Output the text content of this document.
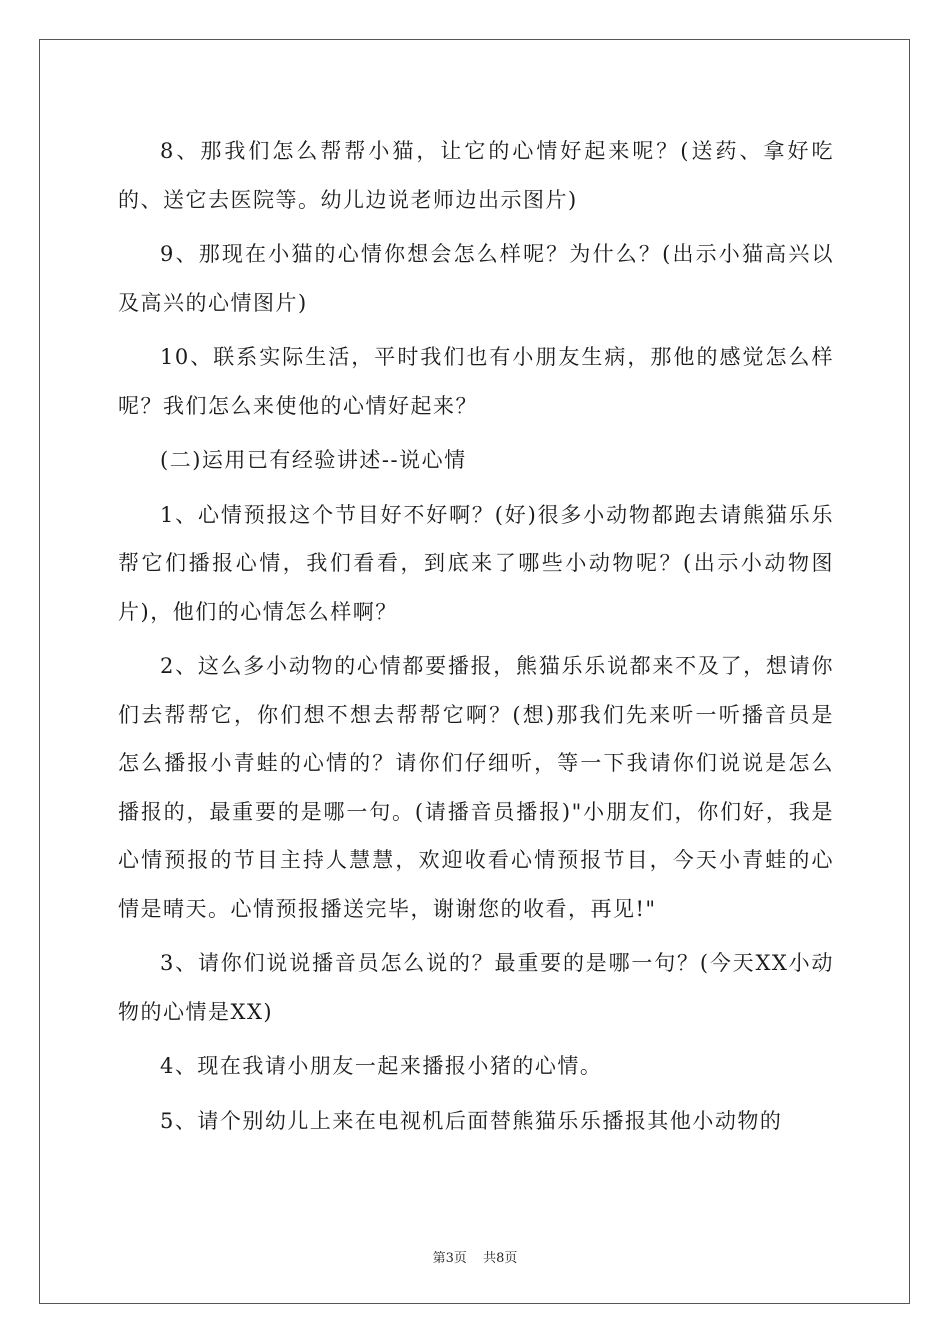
8、那我们怎么帮帮小猫，让它的心情好起来呢？(送药、拿好吃的、送它去医院等。幼儿边说老师边出示图片)

9、那现在小猫的心情你想会怎么样呢？为什么？(出示小猫高兴以及高兴的心情图片)

10、联系实际生活，平时我们也有小朋友生病，那他的感觉怎么样呢？我们怎么来使他的心情好起来？

(二)运用已有经验讲述--说心情

1、心情预报这个节目好不好啊？(好)很多小动物都跑去请熊猫乐乐帮它们播报心情，我们看看，到底来了哪些小动物呢？(出示小动物图片)，他们的心情怎么样啊？

2、这么多小动物的心情都要播报，熊猫乐乐说都来不及了，想请你们去帮帮它，你们想不想去帮帮它啊？(想)那我们先来听一听播音员是怎么播报小青蛙的心情的？请你们仔细听，等一下我请你们说说是怎么播报的，最重要的是哪一句。(请播音员播报)"小朋友们，你们好，我是心情预报的节目主持人慧慧，欢迎收看心情预报节目，今天小青蛙的心情是晴天。心情预报播送完毕，谢谢您的收看，再见!"

3、请你们说说播音员怎么说的？最重要的是哪一句？(今天XX小动物的心情是XX)

4、现在我请小朋友一起来播报小猪的心情。

5、请个别幼儿上来在电视机后面替熊猫乐乐播报其他小动物的

第3页 共8页
